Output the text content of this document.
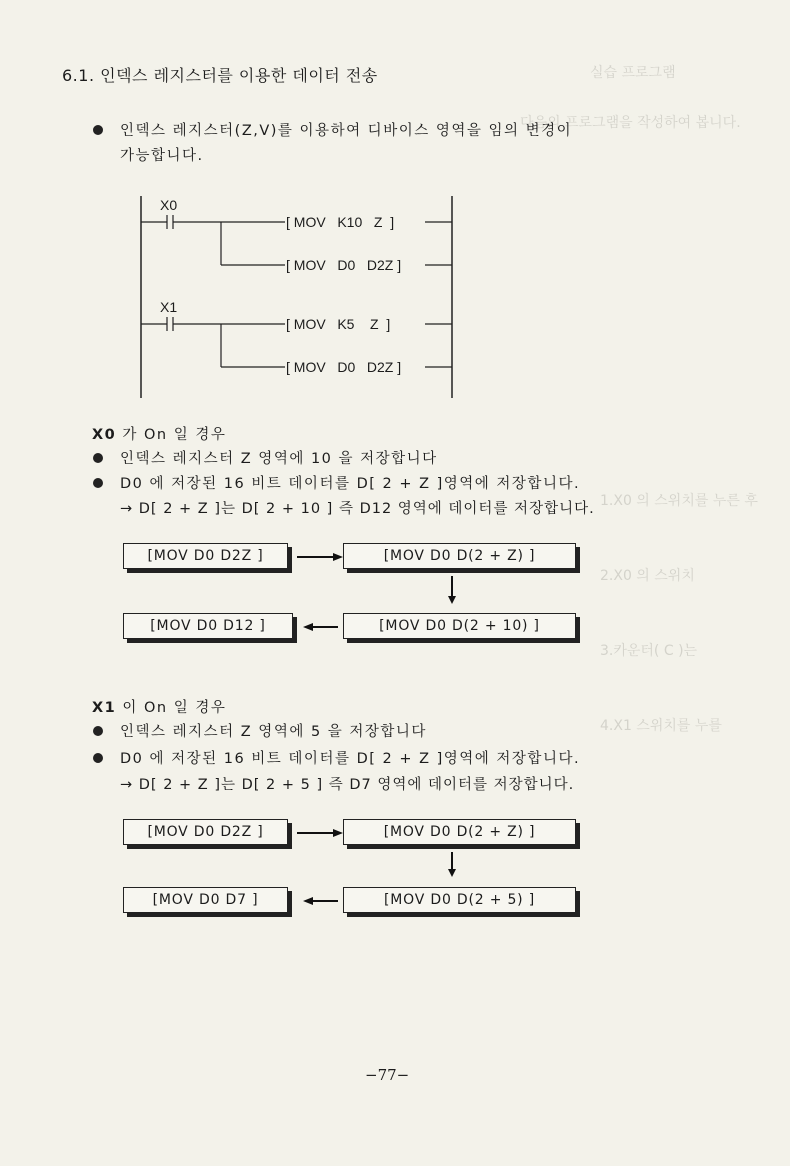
실습 프로그램
다음의 프로그램을 작성하여 봅니다.
1.X0 의 스위치를 누른 후
2.X0 의 스위치
3.카운터( C )는
4.X1 스위치를 누를
6.1. 인덱스 레지스터를 이용한 데이터 전송
인덱스 레지스터(Z,V)를 이용하여 디바이스 영역을 임의 변경이
가능합니다.
X0
[ MOV   K10   Z  ]
[ MOV   D0   D2Z ]
X1
[ MOV   K5    Z  ]
[ MOV   D0   D2Z ]
X0 가 On 일 경우
인덱스 레지스터 Z 영역에 10 을 저장합니다
D0 에 저장된 16 비트 데이터를 D[ 2 + Z ]영역에 저장합니다.
→ D[ 2 + Z ]는 D[ 2 + 10 ] 즉 D12 영역에 데이터를 저장합니다.
[MOV D0 D2Z ]	[MOV D0 D(2 + Z) ]
[MOV D0 D(2 + 10) ]
[MOV D0 D12 ]
X1 이 On 일 경우
인덱스 레지스터 Z 영역에 5 을 저장합니다
D0 에 저장된 16 비트 데이터를 D[ 2 + Z ]영역에 저장합니다.
→ D[ 2 + Z ]는 D[ 2 + 5 ] 즉 D7 영역에 데이터를 저장합니다.
[MOV D0 D2Z ]	[MOV D0 D(2 + Z) ]
[MOV D0 D(2 + 5) ]
[MOV D0 D7 ]
−77−
